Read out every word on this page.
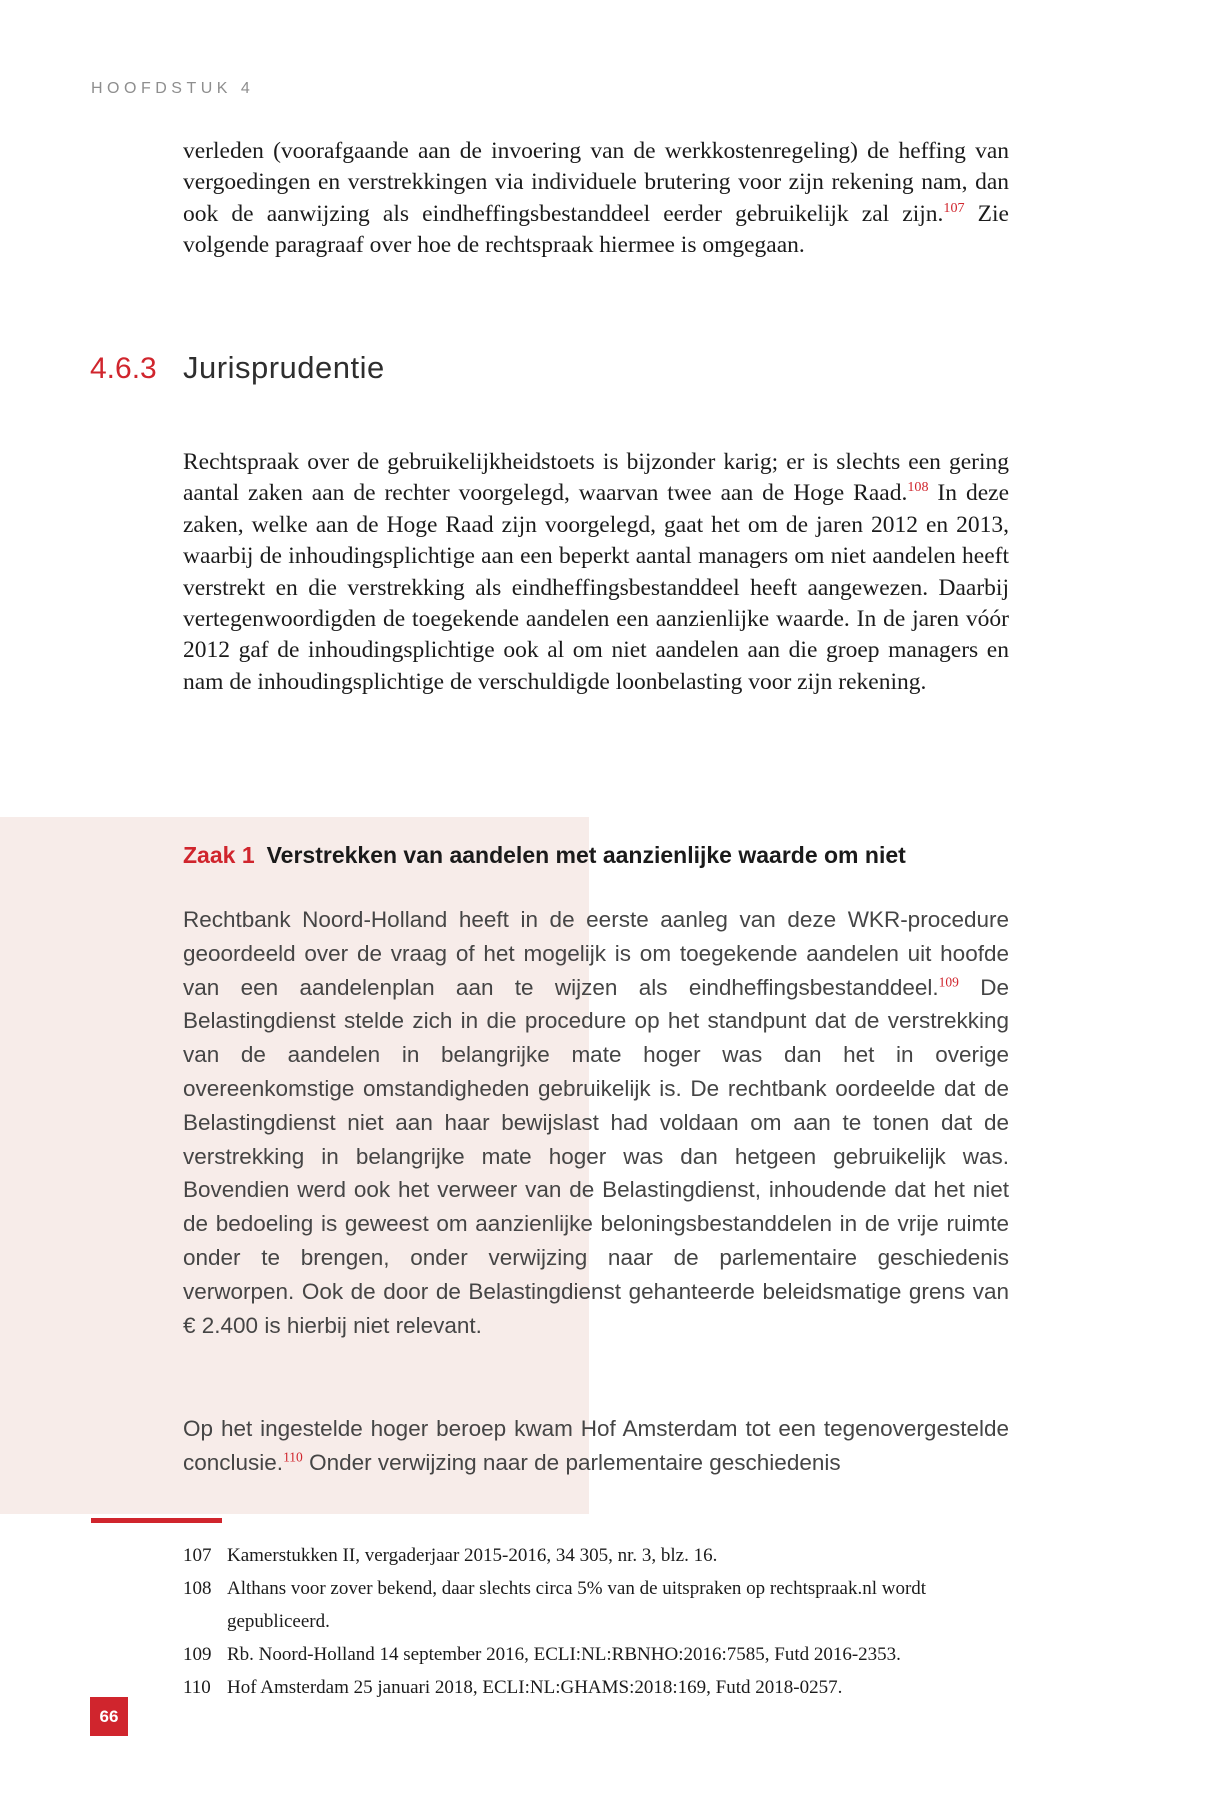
HOOFDSTUK 4
verleden (voorafgaande aan de invoering van de werkkostenregeling) de heffing van vergoedingen en verstrekkingen via individuele brutering voor zijn rekening nam, dan ook de aanwijzing als eindheffingsbestanddeel eerder gebruikelijk zal zijn.$^{107}$ Zie volgende paragraaf over hoe de rechtspraak hiermee is omgegaan.
4.6.3 Jurisprudentie
Rechtspraak over de gebruikelijkheidstoets is bijzonder karig; er is slechts een gering aantal zaken aan de rechter voorgelegd, waarvan twee aan de Hoge Raad.$^{108}$ In deze zaken, welke aan de Hoge Raad zijn voorgelegd, gaat het om de jaren 2012 en 2013, waarbij de inhoudingsplichtige aan een beperkt aantal managers om niet aandelen heeft verstrekt en die verstrekking als eindheffingsbestanddeel heeft aangewezen. Daarbij vertegenwoordigden de toegekende aandelen een aanzienlijke waarde. In de jaren vóór 2012 gaf de inhoudingsplichtige ook al om niet aandelen aan die groep managers en nam de inhoudingsplichtige de verschuldigde loonbelasting voor zijn rekening.
Zaak 1 Verstrekken van aandelen met aanzienlijke waarde om niet
Rechtbank Noord-Holland heeft in de eerste aanleg van deze WKR-procedure geoordeeld over de vraag of het mogelijk is om toegekende aandelen uit hoofde van een aandelenplan aan te wijzen als eindheffingsbestanddeel.$^{109}$ De Belastingdienst stelde zich in die procedure op het standpunt dat de verstrekking van de aandelen in belangrijke mate hoger was dan het in overige overeenkomstige omstandigheden gebruikelijk is. De rechtbank oordeelde dat de Belastingdienst niet aan haar bewijslast had voldaan om aan te tonen dat de verstrekking in belangrijke mate hoger was dan hetgeen gebruikelijk was. Bovendien werd ook het verweer van de Belastingdienst, inhoudende dat het niet de bedoeling is geweest om aanzienlijke beloningsbestanddelen in de vrije ruimte onder te brengen, onder verwijzing naar de parlementaire geschiedenis verworpen. Ook de door de Belastingdienst gehanteerde beleidsmatige grens van € 2.400 is hierbij niet relevant.
Op het ingestelde hoger beroep kwam Hof Amsterdam tot een tegenovergestelde conclusie.$^{110}$ Onder verwijzing naar de parlementaire geschiedenis
107 Kamerstukken II, vergaderjaar 2015-2016, 34 305, nr. 3, blz. 16.
108 Althans voor zover bekend, daar slechts circa 5% van de uitspraken op rechtspraak.nl wordt gepubliceerd.
109 Rb. Noord-Holland 14 september 2016, ECLI:NL:RBNHO:2016:7585, Futd 2016-2353.
110 Hof Amsterdam 25 januari 2018, ECLI:NL:GHAMS:2018:169, Futd 2018-0257.
66
